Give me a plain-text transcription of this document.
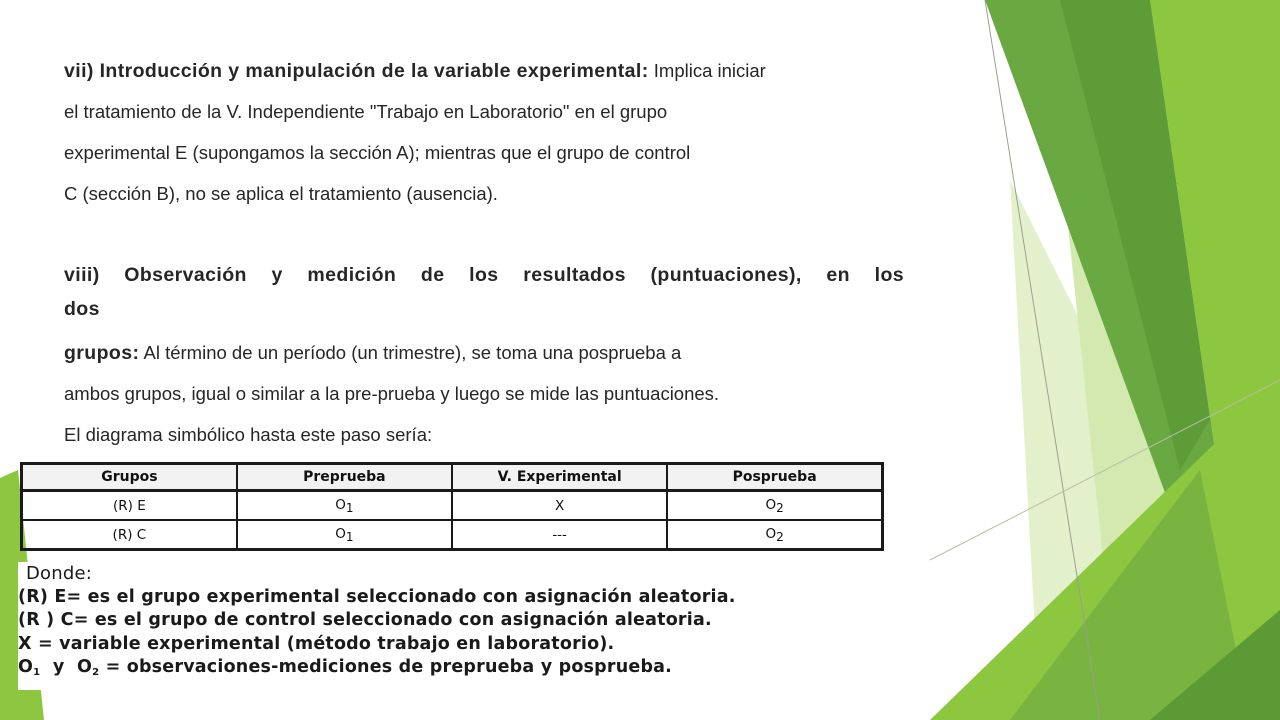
vii) Introducción y manipulación de la variable experimental: Implica iniciar
el tratamiento de la V. Independiente "Trabajo en Laboratorio" en el grupo
experimental E (supongamos la sección A); mientras que el grupo de control
C (sección B), no se aplica el tratamiento (ausencia).
viii) Observación y medición de los resultados (puntuaciones), en los
dos
grupos: Al término de un período (un trimestre), se toma una posprueba a
ambos grupos, igual o similar a la pre-prueba y luego se mide las puntuaciones.
El diagrama simbólico hasta este paso sería:
Grupos	Preprueba	V. Experimental	Posprueba
(R) E	$O_1$	X	$O_2$
(R) C	$O_1$	---	$O_2$
Donde:
(R) E= es el grupo experimental seleccionado con asignación aleatoria.
(R ) C= es el grupo de control seleccionado con asignación aleatoria.
X = variable experimental (método trabajo en laboratorio).
$O_1$  y  $O_2$ = observaciones-mediciones de preprueba y posprueba.
